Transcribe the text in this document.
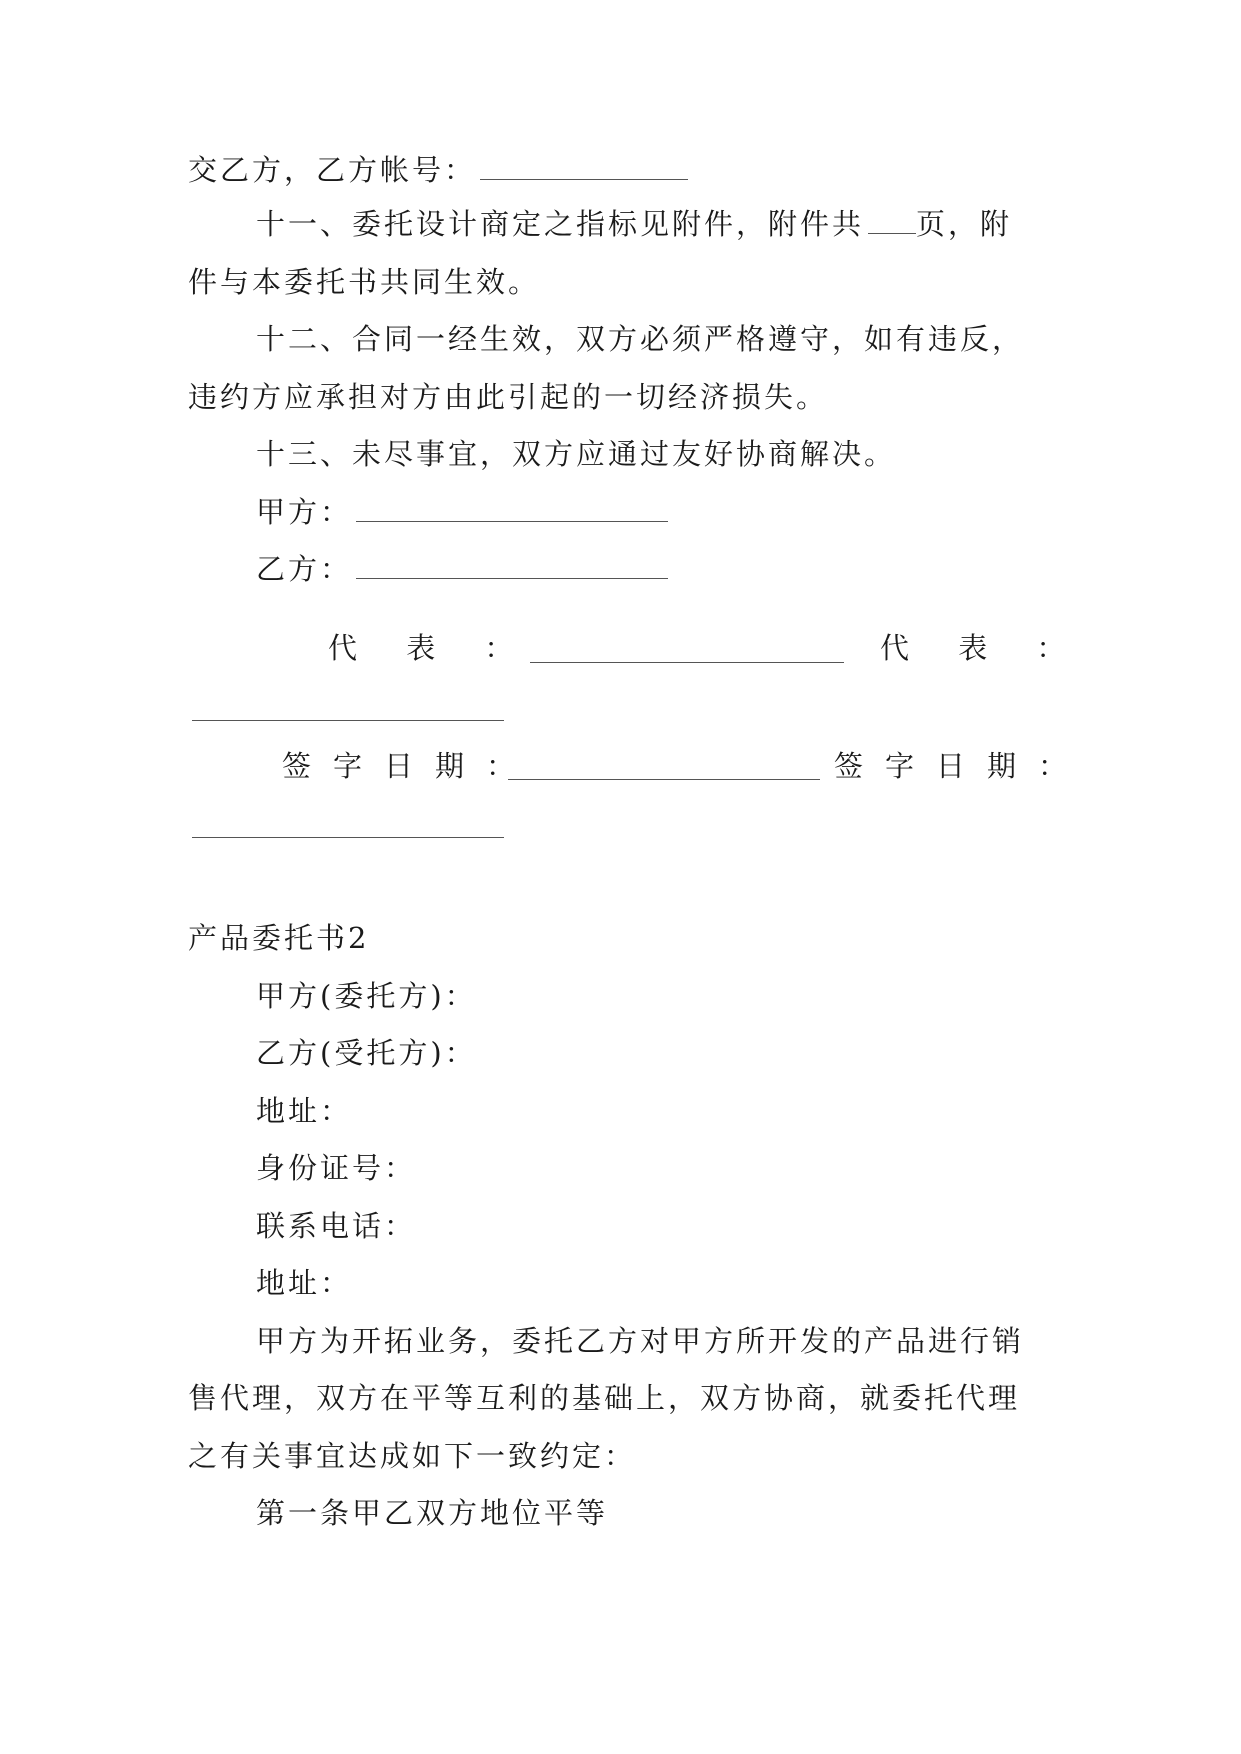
交乙方，乙方帐号：
十一、委托设计商定之指标见附件，附件共 页，附
件与本委托书共同生效。
十二、合同一经生效，双方必须严格遵守，如有违反，
违约方应承担对方由此引起的一切经济损失。
十三、未尽事宜，双方应通过友好协商解决。
甲方：
乙方：
代 表 ：	代 表 ：
签字日期：	签字日期：
产品委托书2
甲方(委托方)：
乙方(受托方)：
地址：
身份证号：
联系电话：
地址：
甲方为开拓业务，委托乙方对甲方所开发的产品进行销
售代理，双方在平等互利的基础上，双方协商，就委托代理
之有关事宜达成如下一致约定：
第一条甲乙双方地位平等
